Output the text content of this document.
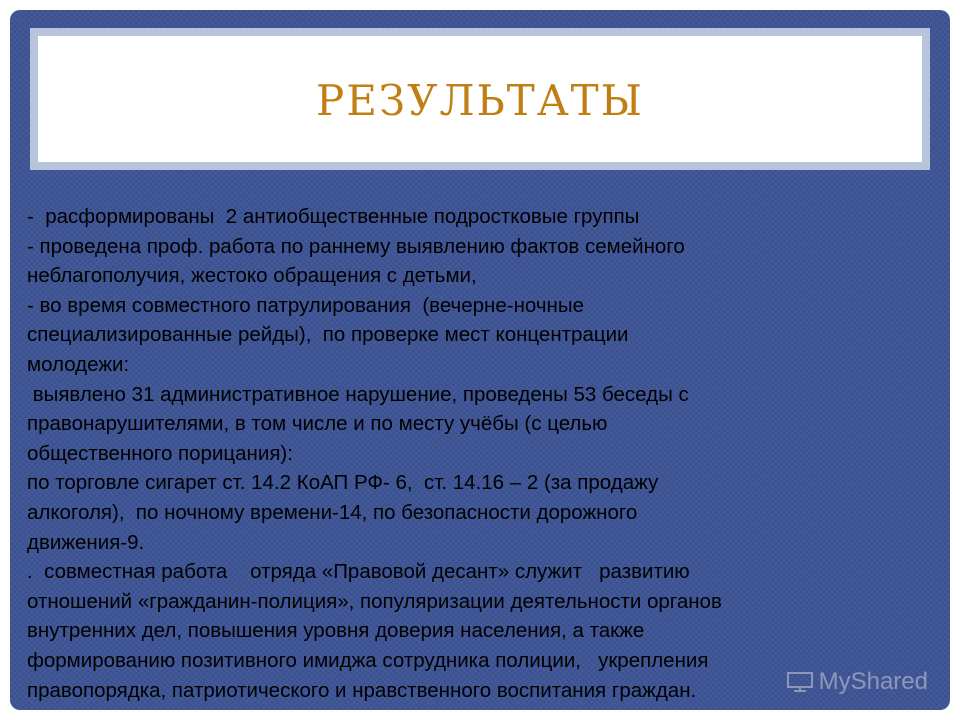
РЕЗУЛЬТАТЫ
-  расформированы  2 антиобщественные подростковые группы
- проведена проф. работа по раннему выявлению фактов семейного
неблагополучия, жестоко обращения с детьми,
- во время совместного патрулирования  (вечерне-ночные
специализированные рейды),  по проверке мест концентрации
молодежи:
выявлено 31 административное нарушение, проведены 53 беседы с
правонарушителями, в том числе и по месту учёбы (с целью
общественного порицания):
по торговле сигарет ст. 14.2 КоАП РФ- 6,  ст. 14.16 – 2 (за продажу
алкоголя),  по ночному времени-14, по безопасности дорожного
движения-9.
.  совместная работа    отряда «Правовой десант» служит   развитию
отношений «гражданин-полиция», популяризации деятельности органов
внутренних дел, повышения уровня доверия населения, а также
формированию позитивного имиджа сотрудника полиции,   укрепления
правопорядка, патриотического и нравственного воспитания граждан.	MyShared
